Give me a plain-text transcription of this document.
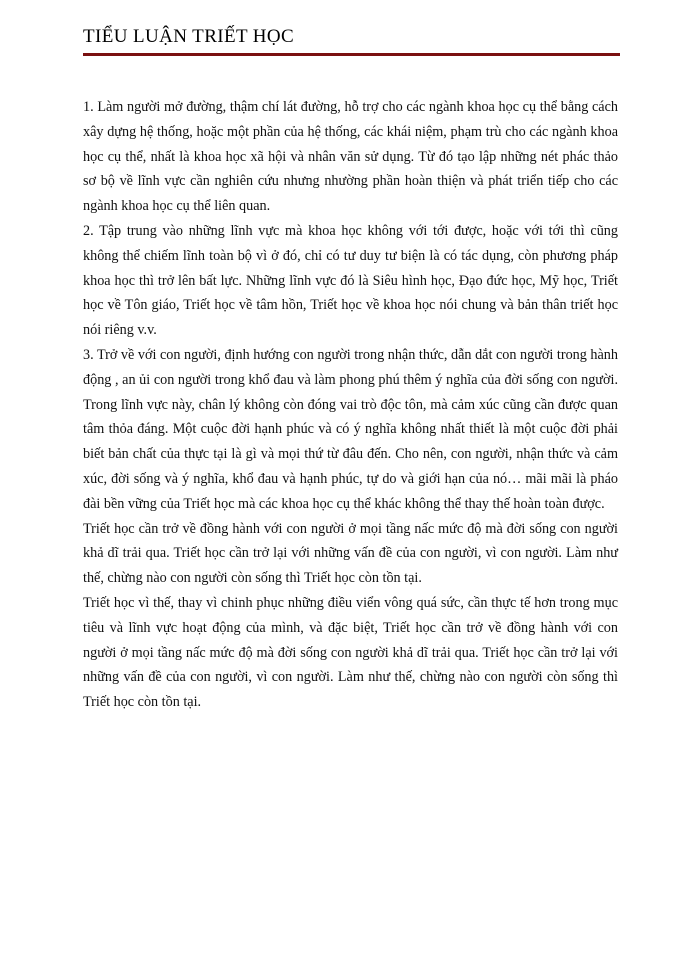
TIỂU LUẬN TRIẾT HỌC

1. Làm người mở đường, thậm chí lát đường, hỗ trợ cho các ngành khoa học cụ thể bằng cách xây dựng hệ thống, hoặc một phần của hệ thống, các khái niệm, phạm trù cho các ngành khoa học cụ thể, nhất là khoa học xã hội và nhân văn sử dụng. Từ đó tạo lập những nét phác thảo sơ bộ về lĩnh vực cần nghiên cứu nhưng nhường phần hoàn thiện và phát triển tiếp cho các ngành khoa học cụ thể liên quan.

2. Tập trung vào những lĩnh vực mà khoa học không với tới được, hoặc với tới thì cũng không thể chiếm lĩnh toàn bộ vì ở đó, chỉ có tư duy tư biện là có tác dụng, còn phương pháp khoa học thì trở lên bất lực. Những lĩnh vực đó là Siêu hình học, Đạo đức học, Mỹ học, Triết học về Tôn giáo, Triết học về tâm hồn, Triết học về khoa học nói chung và bản thân triết học nói riêng v.v.

3. Trở về với con người, định hướng con người trong nhận thức, dẫn dắt con người trong hành động , an ủi con người trong khổ đau và làm phong phú thêm ý nghĩa của đời sống con người. Trong lĩnh vực này, chân lý không còn đóng vai trò độc tôn, mà cảm xúc cũng cần được quan tâm thỏa đáng. Một cuộc đời hạnh phúc và có ý nghĩa không nhất thiết là một cuộc đời phải biết bản chất của thực tại là gì và mọi thứ từ đâu đến. Cho nên, con người, nhận thức và cảm xúc, đời sống và ý nghĩa, khổ đau và hạnh phúc, tự do và giới hạn của nó… mãi mãi là pháo đài bền vững của Triết học mà các khoa học cụ thể khác không thể thay thế hoàn toàn được.

Triết học cần trở về đồng hành với con người ở mọi tầng nấc mức độ mà đời sống con người khả dĩ trải qua. Triết học cần trở lại với những vấn đề của con người, vì con người. Làm như thế, chừng nào con người còn sống thì Triết học còn tồn tại.

Triết học vì thế, thay vì chinh phục những điều viển vông quá sức, cần thực tế hơn trong mục tiêu và lĩnh vực hoạt động của mình, và đặc biệt, Triết học cần trở về đồng hành với con người ở mọi tầng nấc mức độ mà đời sống con người khả dĩ trải qua. Triết học cần trở lại với những vấn đề của con người, vì con người. Làm như thế, chừng nào con người còn sống thì Triết học còn tồn tại.
